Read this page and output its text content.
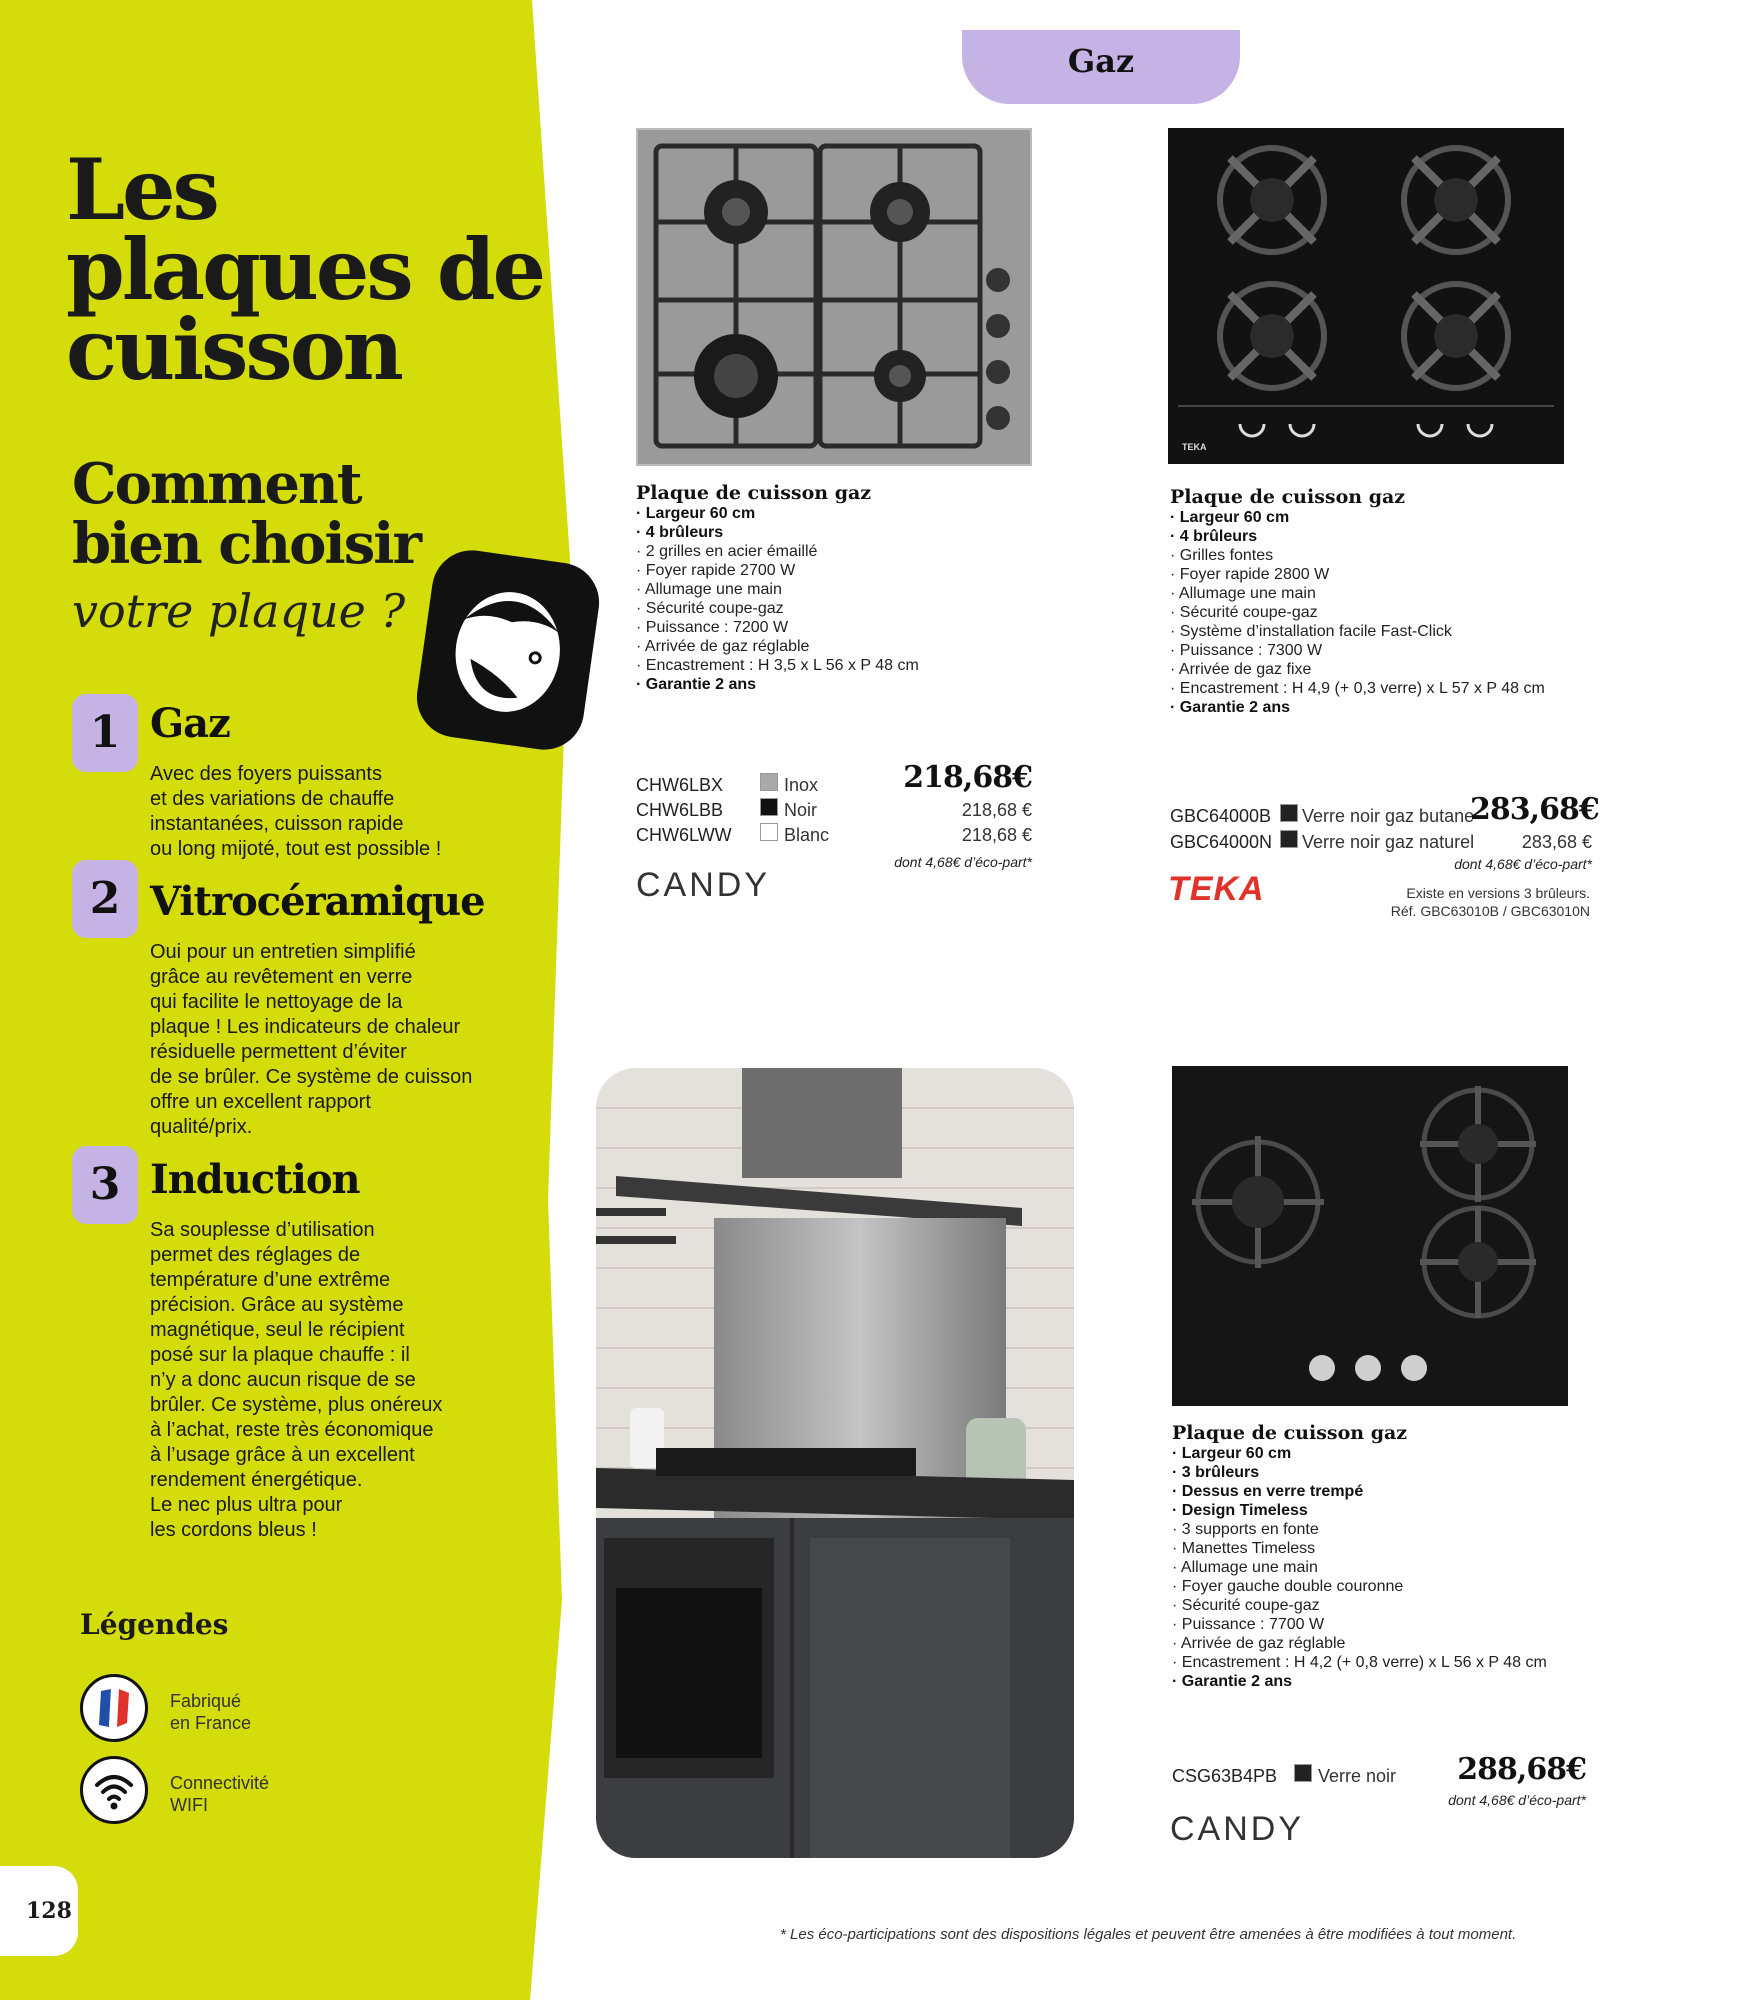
Les plaques de cuisson
Comment bien choisir
votre plaque ?
1 Gaz
Avec des foyers puissants
et des variations de chauffe
instantanées, cuisson rapide
ou long mijoté, tout est possible !
2 Vitrocéramique
Oui pour un entretien simplifié
grâce au revêtement en verre
qui facilite le nettoyage de la
plaque ! Les indicateurs de chaleur
résiduelle permettent d’éviter
de se brûler. Ce système de cuisson
offre un excellent rapport
qualité/prix.
3 Induction
Sa souplesse d’utilisation
permet des réglages de
température d’une extrême
précision. Grâce au système
magnétique, seul le récipient
posé sur la plaque chauffe : il
n’y a donc aucun risque de se
brûler. Ce système, plus onéreux
à l’achat, reste très économique
à l’usage grâce à un excellent
rendement énergétique.
Le nec plus ultra pour
les cordons bleus !
Légendes
Fabriqué
en France
Connectivité
WIFI
128
Gaz
Plaque de cuisson gaz
· Largeur 60 cm
· 4 brûleurs
· 2 grilles en acier émaillé
· Foyer rapide 2700 W
· Allumage une main
· Sécurité coupe-gaz
· Puissance : 7200 W
· Arrivée de gaz réglable
· Encastrement : H 3,5 x L 56 x P 48 cm
· Garantie 2 ans
CHW6LBX
CHW6LBB
CHW6LWW
Inox
Noir
Blanc
218,68€
218,68 €
218,68 €
dont 4,68€ d’éco-part*
CANDY
TEKA
Plaque de cuisson gaz
· Largeur 60 cm
· 4 brûleurs
· Grilles fontes
· Foyer rapide 2800 W
· Allumage une main
· Sécurité coupe-gaz
· Système d’installation facile Fast-Click
· Puissance : 7300 W
· Arrivée de gaz fixe
· Encastrement : H 4,9 (+ 0,3 verre) x L 57 x P 48 cm
· Garantie 2 ans
GBC64000B
GBC64000N
Verre noir gaz butane
Verre noir gaz naturel
283,68€
283,68 €
dont 4,68€ d’éco-part*
TEKA	Existe en versions 3 brûleurs.
Réf. GBC63010B / GBC63010N
Plaque de cuisson gaz
· Largeur 60 cm
· 3 brûleurs
· Dessus en verre trempé
· Design Timeless
· 3 supports en fonte
· Manettes Timeless
· Allumage une main
· Foyer gauche double couronne
· Sécurité coupe-gaz
· Puissance : 7700 W
· Arrivée de gaz réglable
· Encastrement : H 4,2 (+ 0,8 verre) x L 56 x P 48 cm
· Garantie 2 ans
CSG63B4PB Verre noir	288,68€
dont 4,68€ d’éco-part*
CANDY
* Les éco-participations sont des dispositions légales et peuvent être amenées à être modifiées à tout moment.
